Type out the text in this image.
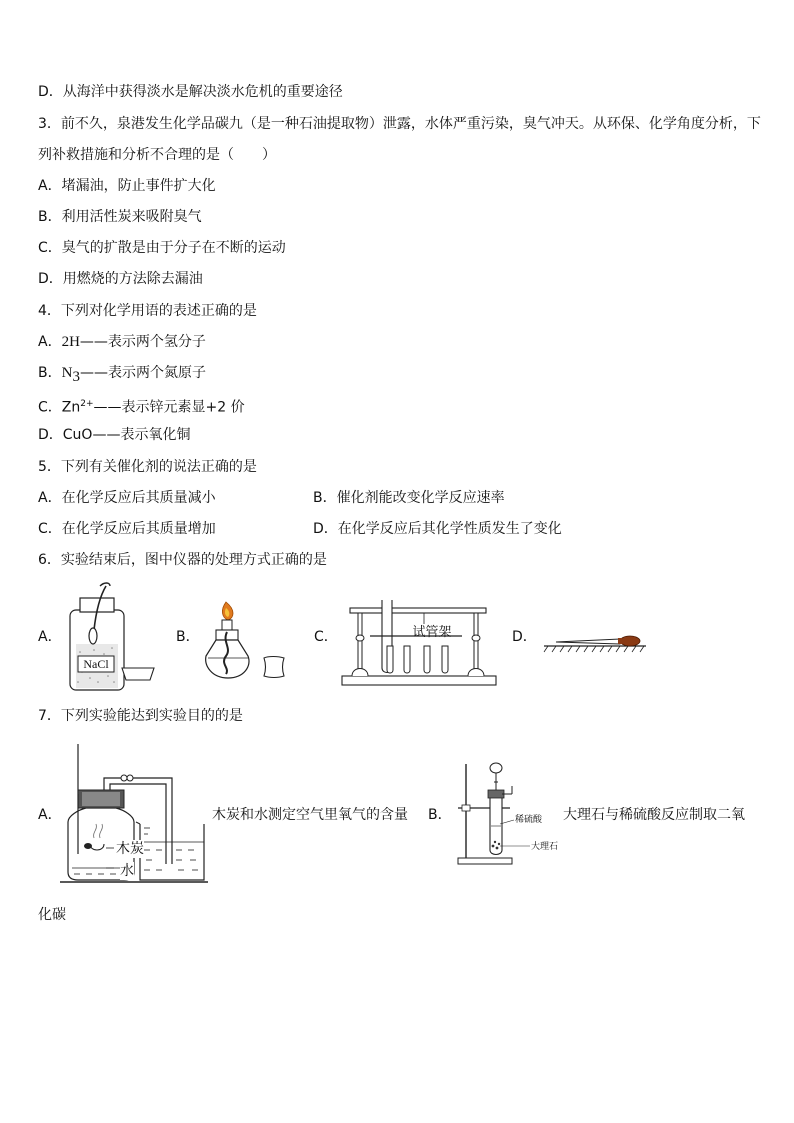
D．从海洋中获得淡水是解决淡水危机的重要途径
3．前不久，泉港发生化学品碳九（是一种石油提取物）泄露，水体严重污染，臭气冲天。从环保、化学角度分析，下
列补救措施和分析不合理的是（　　）
A．堵漏油，防止事件扩大化
B．利用活性炭来吸附臭气
C．臭气的扩散是由于分子在不断的运动
D．用燃烧的方法除去漏油
4．下列对化学用语的表述正确的是
A．2H——表示两个氢分子
B．$N_3——$表示两个氮原子
C．$Zn^{2+}——$表示锌元素显+2 价
D．CuO——表示氧化铜
5．下列有关催化剂的说法正确的是
A．在化学反应后其质量减小	B．催化剂能改变化学反应速率
C．在化学反应后其质量增加	D．在化学反应后其化学性质发生了变化
6．实验结束后，图中仪器的处理方式正确的是
A．
NaCl
B．	C．	试管架	D．
7．下列实验能达到实验目的的是
A．
木炭
水
木炭和水测定空气里氧气的含量 B．	稀硫酸
大理石
大理石与稀硫酸反应制取二氧
化碳
